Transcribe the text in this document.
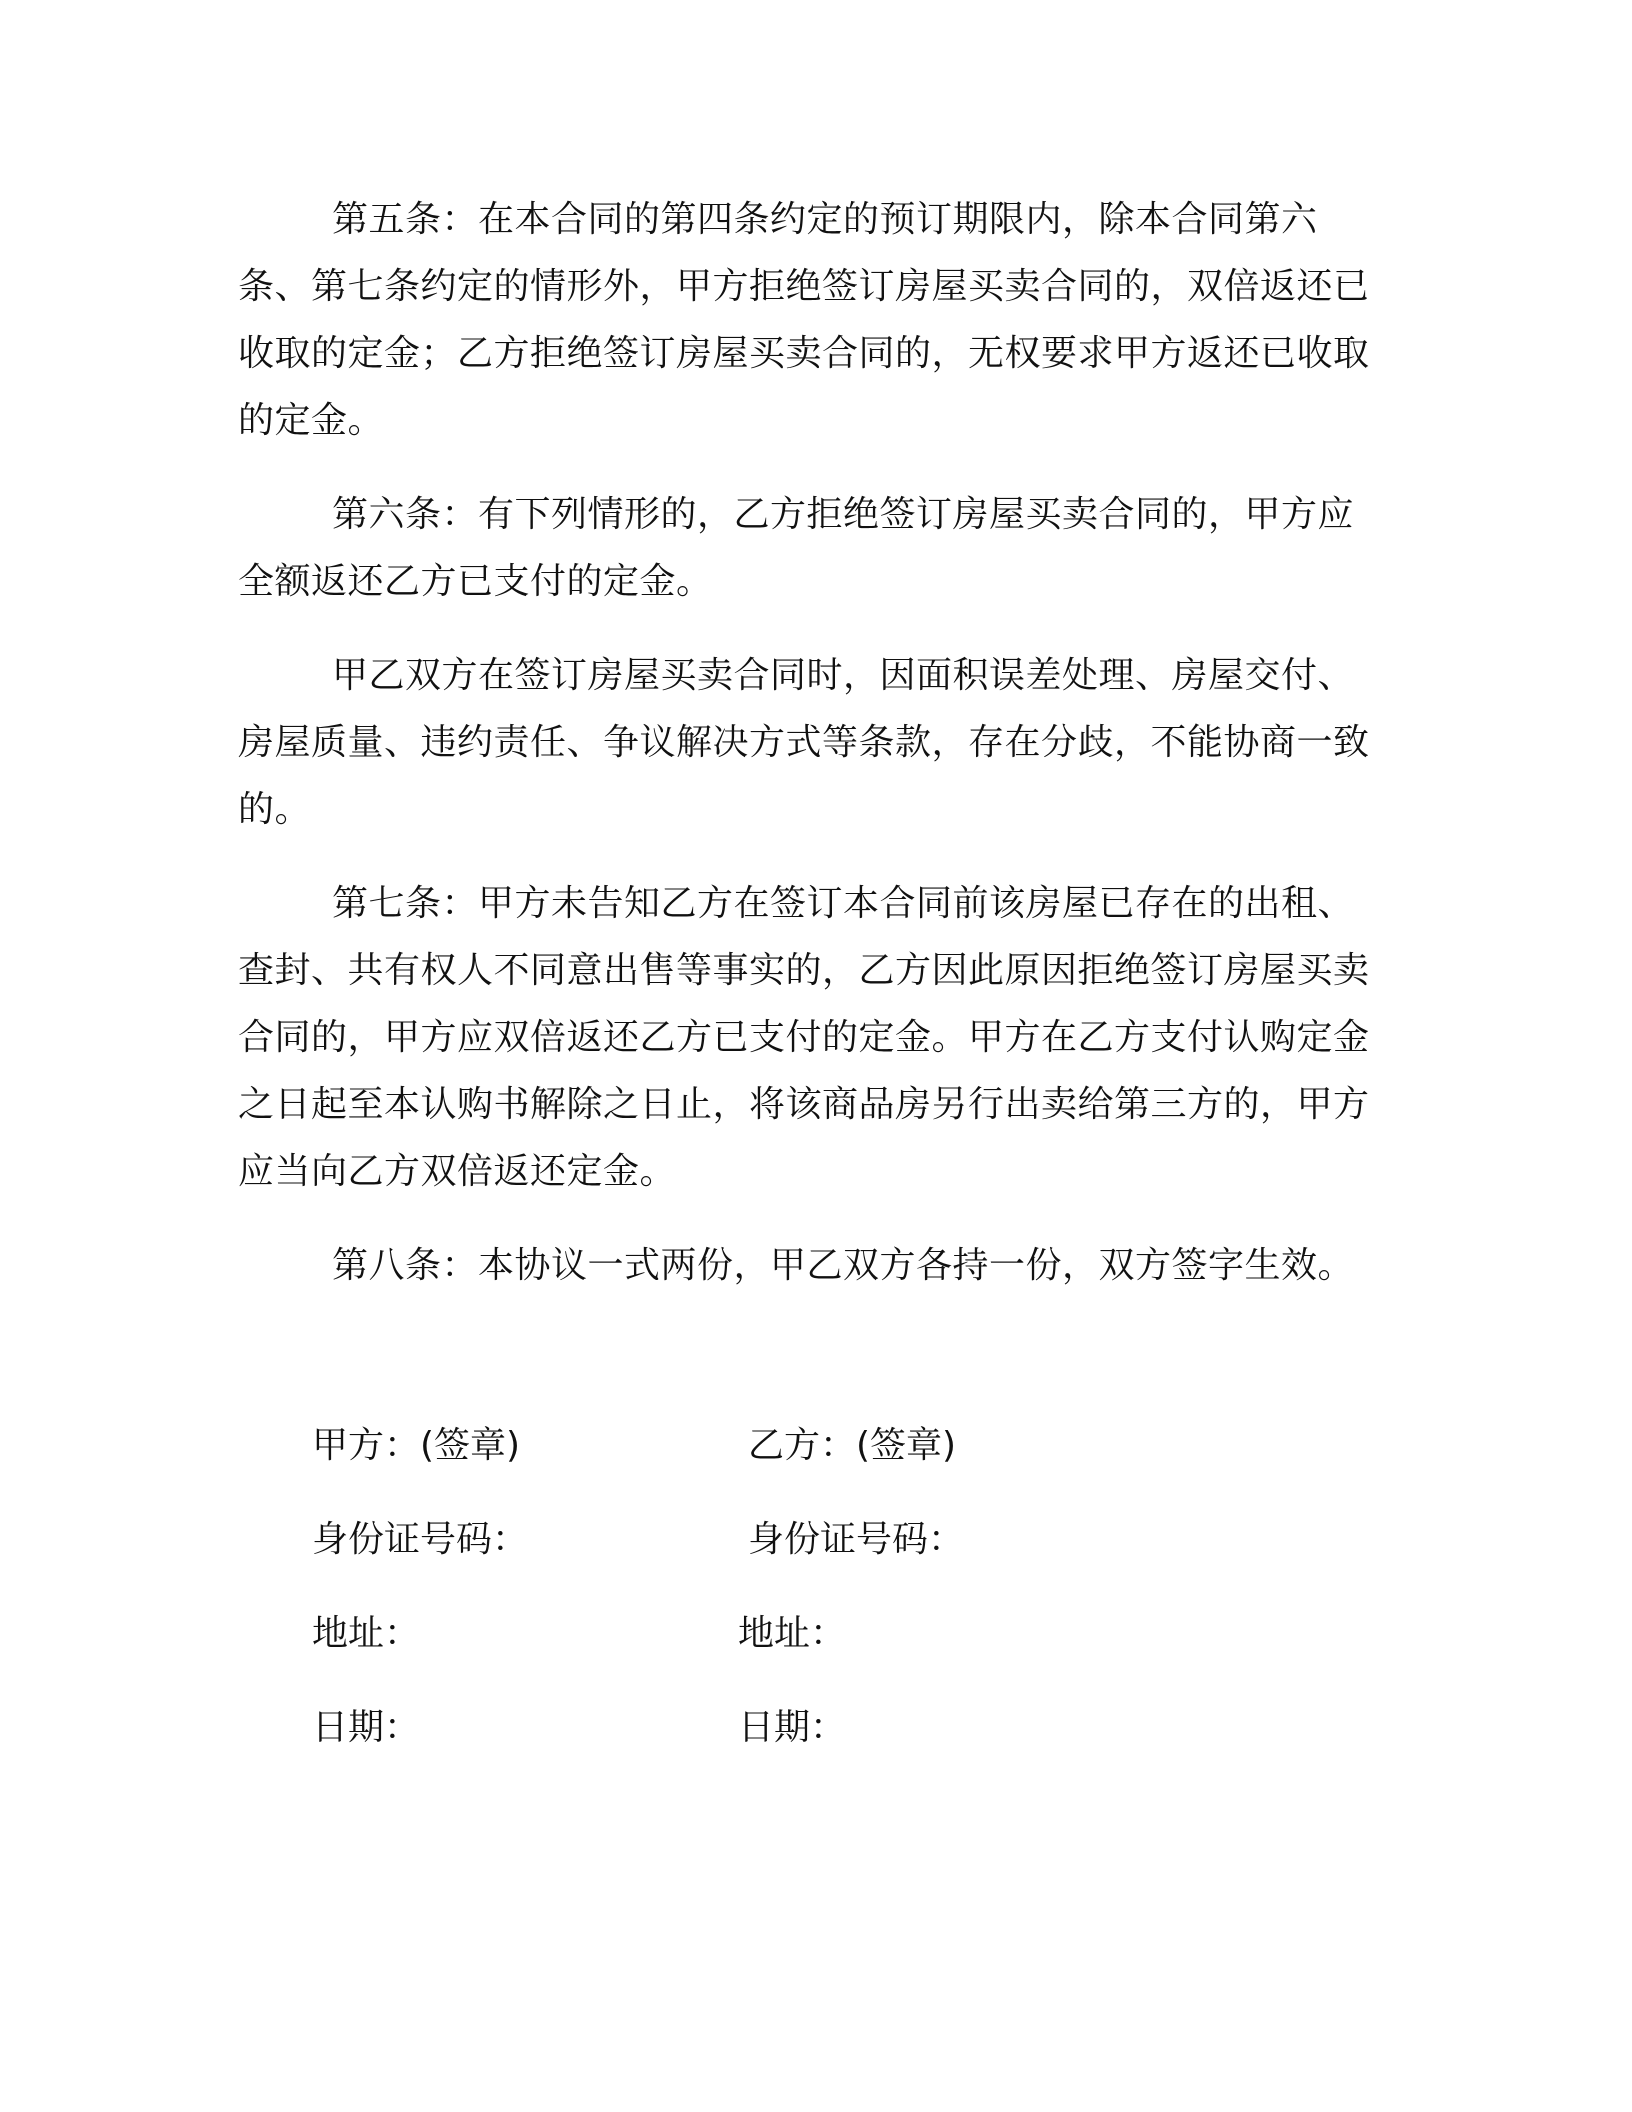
第五条：在本合同的第四条约定的预订期限内，除本合同第六条、第七条约定的情形外，甲方拒绝签订房屋买卖合同的，双倍返还已收取的定金；乙方拒绝签订房屋买卖合同的，无权要求甲方返还已收取的定金。

第六条：有下列情形的，乙方拒绝签订房屋买卖合同的，甲方应全额返还乙方已支付的定金。

甲乙双方在签订房屋买卖合同时，因面积误差处理、房屋交付、房屋质量、违约责任、争议解决方式等条款，存在分歧，不能协商一致的。

第七条：甲方未告知乙方在签订本合同前该房屋已存在的出租、查封、共有权人不同意出售等事实的，乙方因此原因拒绝签订房屋买卖合同的，甲方应双倍返还乙方已支付的定金。甲方在乙方支付认购定金之日起至本认购书解除之日止，将该商品房另行出卖给第三方的，甲方应当向乙方双倍返还定金。

第八条：本协议一式两份，甲乙双方各持一份，双方签字生效。

甲方：(签章)	乙方：(签章)
身份证号码：	身份证号码：
地址：	地址：
日期：	日期：
